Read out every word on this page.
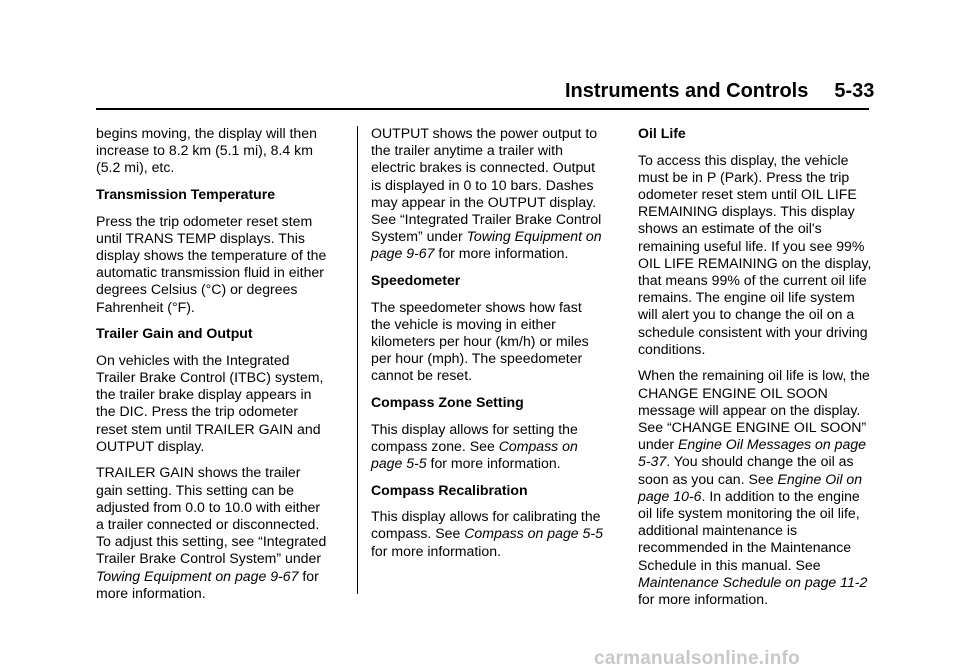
Instruments and Controls 5-33

begins moving, the display will then increase to 8.2 km (5.1 mi), 8.4 km (5.2 mi), etc.

Transmission Temperature

Press the trip odometer reset stem until TRANS TEMP displays. This display shows the temperature of the automatic transmission fluid in either degrees Celsius (°C) or degrees Fahrenheit (°F).

Trailer Gain and Output

On vehicles with the Integrated Trailer Brake Control (ITBC) system, the trailer brake display appears in the DIC. Press the trip odometer reset stem until TRAILER GAIN and OUTPUT display.

TRAILER GAIN shows the trailer gain setting. This setting can be adjusted from 0.0 to 10.0 with either a trailer connected or disconnected. To adjust this setting, see “Integrated Trailer Brake Control System” under Towing Equipment on page 9-67 for more information.

OUTPUT shows the power output to the trailer anytime a trailer with electric brakes is connected. Output is displayed in 0 to 10 bars. Dashes may appear in the OUTPUT display. See “Integrated Trailer Brake Control System” under Towing Equipment on page 9-67 for more information.

Speedometer

The speedometer shows how fast the vehicle is moving in either kilometers per hour (km/h) or miles per hour (mph). The speedometer cannot be reset.

Compass Zone Setting

This display allows for setting the compass zone. See Compass on page 5-5 for more information.

Compass Recalibration

This display allows for calibrating the compass. See Compass on page 5-5 for more information.

Oil Life

To access this display, the vehicle must be in P (Park). Press the trip odometer reset stem until OIL LIFE REMAINING displays. This display shows an estimate of the oil's remaining useful life. If you see 99% OIL LIFE REMAINING on the display, that means 99% of the current oil life remains. The engine oil life system will alert you to change the oil on a schedule consistent with your driving conditions.

When the remaining oil life is low, the CHANGE ENGINE OIL SOON message will appear on the display. See “CHANGE ENGINE OIL SOON” under Engine Oil Messages on page 5-37. You should change the oil as soon as you can. See Engine Oil on page 10-6. In addition to the engine oil life system monitoring the oil life, additional maintenance is recommended in the Maintenance Schedule in this manual. See Maintenance Schedule on page 11-2 for more information.

carmanualsonline.info
